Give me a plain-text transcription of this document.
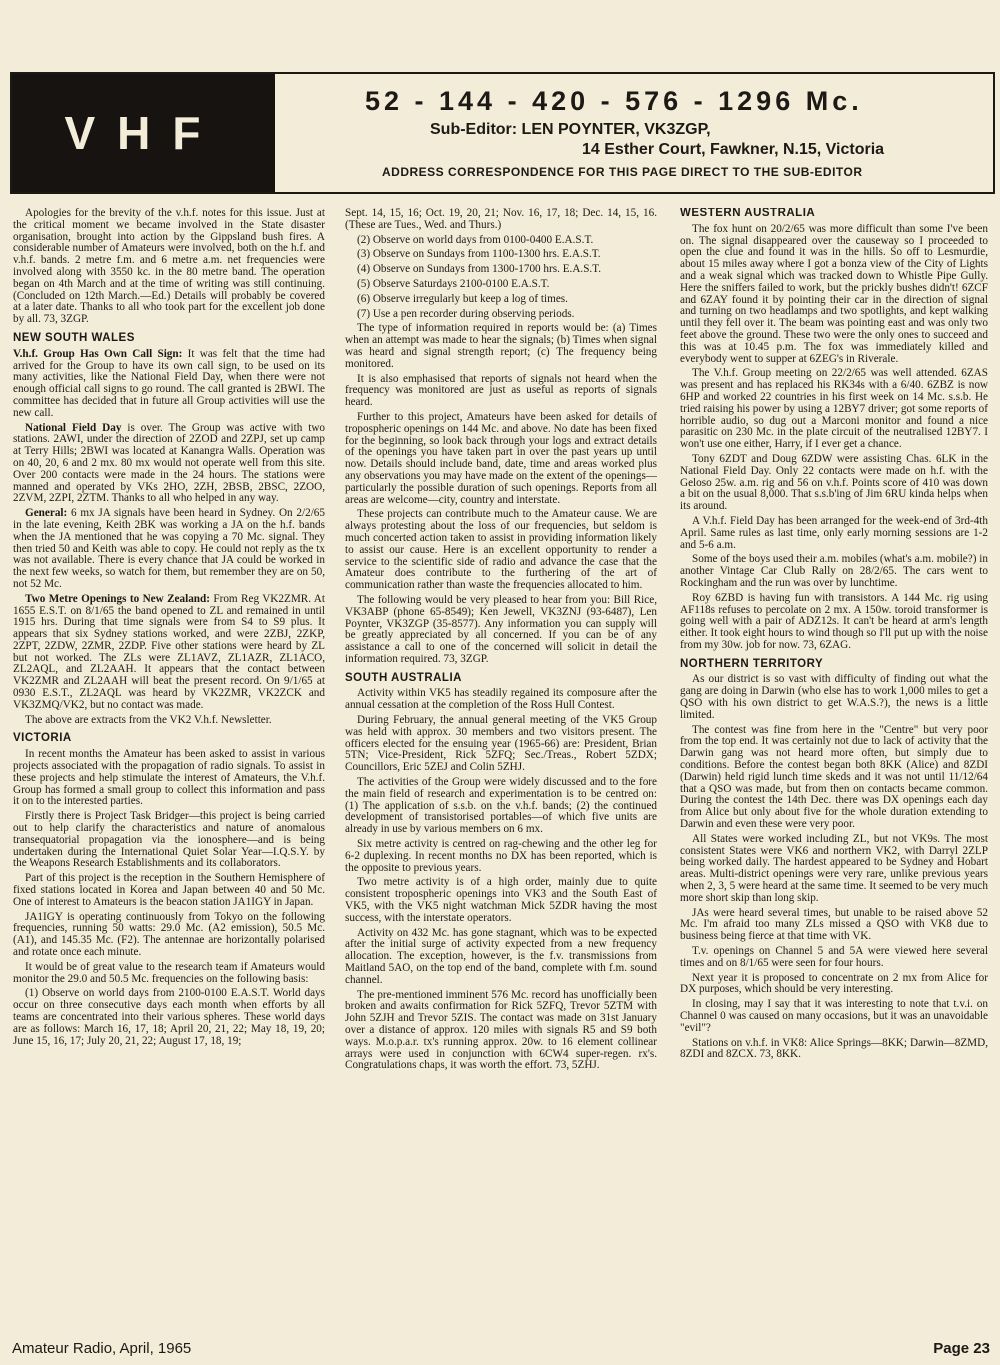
VHF
52 - 144 - 420 - 576 - 1296 Mc.
Sub-Editor: LEN POYNTER, VK3ZGP,
14 Esther Court, Fawkner, N.15, Victoria
ADDRESS CORRESPONDENCE FOR THIS PAGE DIRECT TO THE SUB-EDITOR

Apologies for the brevity of the v.h.f. notes for this issue. Just at the critical moment we became involved in the State disaster organisation, brought into action by the Gippsland bush fires. A considerable number of Amateurs were involved, both on the h.f. and v.h.f. bands. 2 metre f.m. and 6 metre a.m. net frequencies were involved along with 3550 kc. in the 80 metre band. The operation began on 4th March and at the time of writing was still continuing. (Concluded on 12th March.—Ed.) Details will probably be covered at a later date. Thanks to all who took part for the excellent job done by all. 73, 3ZGP.

NEW SOUTH WALES

V.h.f. Group Has Own Call Sign: It was felt that the time had arrived for the Group to have its own call sign, to be used on its many activities, like the National Field Day, when there were not enough official call signs to go round. The call granted is 2BWI. The committee has decided that in future all Group activities will use the new call.

National Field Day is over. The Group was active with two stations. 2AWI, under the direction of 2ZOD and 2ZPJ, set up camp at Terry Hills; 2BWI was located at Kanangra Walls. Operation was on 40, 20, 6 and 2 mx. 80 mx would not operate well from this site. Over 200 contacts were made in the 24 hours. The stations were manned and operated by VKs 2HO, 2ZH, 2BSB, 2BSC, 2ZOO, 2ZVM, 2ZPI, 2ZTM. Thanks to all who helped in any way.

General: 6 mx JA signals have been heard in Sydney. On 2/2/65 in the late evening, Keith 2BK was working a JA on the h.f. bands when the JA mentioned that he was copying a 70 Mc. signal. They then tried 50 and Keith was able to copy. He could not reply as the tx was not available. There is every chance that JA could be worked in the next few weeks, so watch for them, but remember they are on 50, not 52 Mc.

Two Metre Openings to New Zealand: From Reg VK2ZMR. At 1655 E.S.T. on 8/1/65 the band opened to ZL and remained in until 1915 hrs. During that time signals were from S4 to S9 plus. It appears that six Sydney stations worked, and were 2ZBJ, 2ZKP, 2ZPT, 2ZDW, 2ZMR, 2ZDP. Five other stations were heard by ZL but not worked. The ZLs were ZL1AVZ, ZL1AZR, ZL1ACO, ZL2AQL, and ZL2AAH. It appears that the contact between VK2ZMR and ZL2AAH will beat the present record. On 9/1/65 at 0930 E.S.T., ZL2AQL was heard by VK2ZMR, VK2ZCK and VK3ZMQ/VK2, but no contact was made.

The above are extracts from the VK2 V.h.f. Newsletter.

VICTORIA

In recent months the Amateur has been asked to assist in various projects associated with the propagation of radio signals. To assist in these projects and help stimulate the interest of Amateurs, the V.h.f. Group has formed a small group to collect this information and pass it on to the interested parties.

Firstly there is Project Task Bridger—this project is being carried out to help clarify the characteristics and nature of anomalous transequatorial propagation via the ionosphere—and is being undertaken during the International Quiet Solar Year—I.Q.S.Y. by the Weapons Research Establishments and its collaborators.

Part of this project is the reception in the Southern Hemisphere of fixed stations located in Korea and Japan between 40 and 50 Mc. One of interest to Amateurs is the beacon station JA1IGY in Japan.

JA1IGY is operating continuously from Tokyo on the following frequencies, running 50 watts: 29.0 Mc. (A2 emission), 50.5 Mc. (A1), and 145.35 Mc. (F2). The antennae are horizontally polarised and rotate once each minute.

It would be of great value to the research team if Amateurs would monitor the 29.0 and 50.5 Mc. frequencies on the following basis:

(1) Observe on world days from 2100-0100 E.A.S.T. World days occur on three consecutive days each month when efforts by all teams are concentrated into their various spheres. These world days are as follows: March 16, 17, 18; April 20, 21, 22; May 18, 19, 20; June 15, 16, 17; July 20, 21, 22; August 17, 18, 19;

Sept. 14, 15, 16; Oct. 19, 20, 21; Nov. 16, 17, 18; Dec. 14, 15, 16. (These are Tues., Wed. and Thurs.)

(2) Observe on world days from 0100-0400 E.A.S.T.

(3) Observe on Sundays from 1100-1300 hrs. E.A.S.T.

(4) Observe on Sundays from 1300-1700 hrs. E.A.S.T.

(5) Observe Saturdays 2100-0100 E.A.S.T.

(6) Observe irregularly but keep a log of times.

(7) Use a pen recorder during observing periods.

The type of information required in reports would be: (a) Times when an attempt was made to hear the signals; (b) Times when signal was heard and signal strength report; (c) The frequency being monitored.

It is also emphasised that reports of signals not heard when the frequency was monitored are just as useful as reports of signals heard.

Further to this project, Amateurs have been asked for details of tropospheric openings on 144 Mc. and above. No date has been fixed for the beginning, so look back through your logs and extract details of the openings you have taken part in over the past years up until now. Details should include band, date, time and areas worked plus any observations you may have made on the extent of the openings—particularly the possible duration of such openings. Reports from all areas are welcome—city, country and interstate.

These projects can contribute much to the Amateur cause. We are always protesting about the loss of our frequencies, but seldom is much concerted action taken to assist in providing information likely to assist our cause. Here is an excellent opportunity to render a service to the scientific side of radio and advance the case that the Amateur does contribute to the furthering of the art of communication rather than waste the frequencies allocated to him.

The following would be very pleased to hear from you: Bill Rice, VK3ABP (phone 65-8549); Ken Jewell, VK3ZNJ (93-6487), Len Poynter, VK3ZGP (35-8577). Any information you can supply will be greatly appreciated by all concerned. If you can be of any assistance a call to one of the concerned will solicit in detail the information required. 73, 3ZGP.

SOUTH AUSTRALIA

Activity within VK5 has steadily regained its composure after the annual cessation at the completion of the Ross Hull Contest.

During February, the annual general meeting of the VK5 Group was held with approx. 30 members and two visitors present. The officers elected for the ensuing year (1965-66) are: President, Brian 5TN; Vice-President, Rick 5ZFQ; Sec./Treas., Robert 5ZDX; Councillors, Eric 5ZEJ and Colin 5ZHJ.

The activities of the Group were widely discussed and to the fore the main field of research and experimentation is to be centred on: (1) The application of s.s.b. on the v.h.f. bands; (2) the continued development of transistorised portables—of which five units are already in use by various members on 6 mx.

Six metre activity is centred on rag-chewing and the other leg for 6-2 duplexing. In recent months no DX has been reported, which is the opposite to previous years.

Two metre activity is of a high order, mainly due to quite consistent tropospheric openings into VK3 and the South East of VK5, with the VK5 night watchman Mick 5ZDR having the most success, with the interstate operators.

Activity on 432 Mc. has gone stagnant, which was to be expected after the initial surge of activity expected from a new frequency allocation. The exception, however, is the f.v. transmissions from Maitland 5AO, on the top end of the band, complete with f.m. sound channel.

The pre-mentioned imminent 576 Mc. record has unofficially been broken and awaits confirmation for Rick 5ZFQ, Trevor 5ZTM with John 5ZJH and Trevor 5ZIS. The contact was made on 31st January over a distance of approx. 120 miles with signals R5 and S9 both ways. M.o.p.a.r. tx's running approx. 20w. to 16 element collinear arrays were used in conjunction with 6CW4 super-regen. rx's. Congratulations chaps, it was worth the effort. 73, 5ZHJ.

WESTERN AUSTRALIA

The fox hunt on 20/2/65 was more difficult than some I've been on. The signal disappeared over the causeway so I proceeded to open the clue and found it was in the hills. So off to Lesmurdie, about 15 miles away where I got a bonza view of the City of Lights and a weak signal which was tracked down to Whistle Pipe Gully. Here the sniffers failed to work, but the prickly bushes didn't! 6ZCF and 6ZAY found it by pointing their car in the direction of signal and turning on two headlamps and two spotlights, and kept walking until they fell over it. The beam was pointing east and was only two feet above the ground. These two were the only ones to succeed and this was at 10.45 p.m. The fox was immediately killed and everybody went to supper at 6ZEG's in Riverale.

The V.h.f. Group meeting on 22/2/65 was well attended. 6ZAS was present and has replaced his RK34s with a 6/40. 6ZBZ is now 6HP and worked 22 countries in his first week on 14 Mc. s.s.b. He tried raising his power by using a 12BY7 driver; got some reports of horrible audio, so dug out a Marconi monitor and found a nice parasitic on 230 Mc. in the plate circuit of the neutralised 12BY7. I won't use one either, Harry, if I ever get a chance.

Tony 6ZDT and Doug 6ZDW were assisting Chas. 6LK in the National Field Day. Only 22 contacts were made on h.f. with the Geloso 25w. a.m. rig and 56 on v.h.f. Points score of 410 was down a bit on the usual 8,000. That s.s.b'ing of Jim 6RU kinda helps when its around.

A V.h.f. Field Day has been arranged for the week-end of 3rd-4th April. Same rules as last time, only early morning sessions are 1-2 and 5-6 a.m.

Some of the boys used their a.m. mobiles (what's a.m. mobile?) in another Vintage Car Club Rally on 28/2/65. The cars went to Rockingham and the run was over by lunchtime.

Roy 6ZBD is having fun with transistors. A 144 Mc. rig using AF118s refuses to percolate on 2 mx. A 150w. toroid transformer is going well with a pair of ADZ12s. It can't be heard at arm's length either. It took eight hours to wind though so I'll put up with the noise from my 30w. job for now. 73, 6ZAG.

NORTHERN TERRITORY

As our district is so vast with difficulty of finding out what the gang are doing in Darwin (who else has to work 1,000 miles to get a QSO with his own district to get W.A.S.?), the news is a little limited.

The contest was fine from here in the "Centre" but very poor from the top end. It was certainly not due to lack of activity that the Darwin gang was not heard more often, but simply due to conditions. Before the contest began both 8KK (Alice) and 8ZDI (Darwin) held rigid lunch time skeds and it was not until 11/12/64 that a QSO was made, but from then on contacts became common. During the contest the 14th Dec. there was DX openings each day from Alice but only about five for the whole duration extending to Darwin and even these were very poor.

All States were worked including ZL, but not VK9s. The most consistent States were VK6 and northern VK2, with Darryl 2ZLP being worked daily. The hardest appeared to be Sydney and Hobart areas. Multi-district openings were very rare, unlike previous years when 2, 3, 5 were heard at the same time. It seemed to be very much more short skip than long skip.

JAs were heard several times, but unable to be raised above 52 Mc. I'm afraid too many ZLs missed a QSO with VK8 due to business being fierce at that time with VK.

T.v. openings on Channel 5 and 5A were viewed here several times and on 8/1/65 were seen for four hours.

Next year it is proposed to concentrate on 2 mx from Alice for DX purposes, which should be very interesting.

In closing, may I say that it was interesting to note that t.v.i. on Channel 0 was caused on many occasions, but it was an unavoidable "evil"?

Stations on v.h.f. in VK8: Alice Springs—8KK; Darwin—8ZMD, 8ZDI and 8ZCX. 73, 8KK.

Amateur Radio, April, 1965	Page 23
